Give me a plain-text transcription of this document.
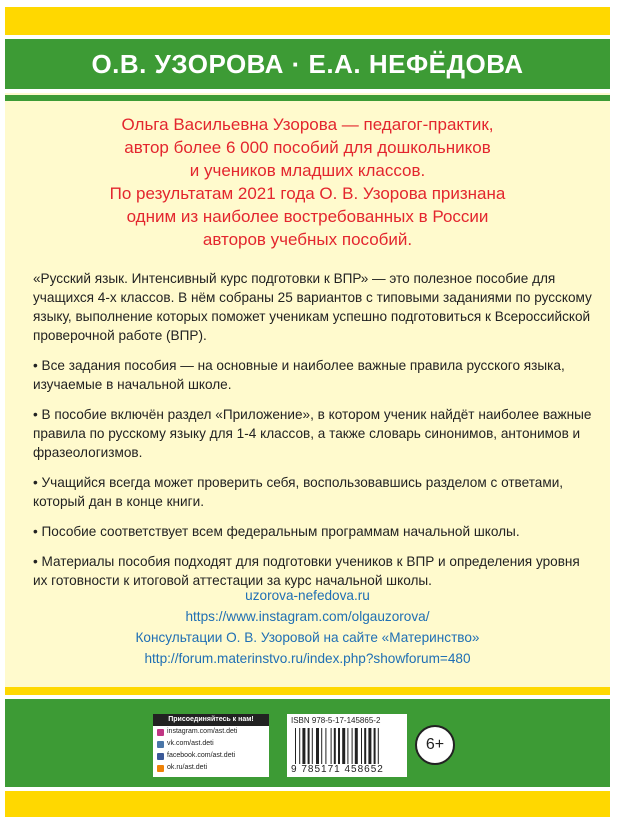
О.В. УЗОРОВА · Е.А. НЕФЁДОВА

Ольга Васильевна Узорова — педагог-практик,

автор более 6 000 пособий для дошкольников

и учеников младших классов.

По результатам 2021 года О. В. Узорова признана

одним из наиболее востребованных в России

авторов учебных пособий.

«Русский язык. Интенсивный курс подготовки к ВПР» — это полезное пособие для учащихся 4-х классов. В нём собраны 25 вариантов с типовыми заданиями по русскому языку, выполнение которых поможет ученикам успешно подготовиться к Всероссийской проверочной работе (ВПР).

• Все задания пособия — на основные и наиболее важные правила русского языка, изучаемые в начальной школе.

• В пособие включён раздел «Приложение», в котором ученик найдёт наиболее важные правила по русскому языку для 1-4 классов, а также словарь синонимов, антонимов и фразеологизмов.

• Учащийся всегда может проверить себя, воспользовавшись разделом с ответами, который дан в конце книги.

• Пособие соответствует всем федеральным программам начальной школы.

• Материалы пособия подходят для подготовки учеников к ВПР и определения уровня их готовности к итоговой аттестации за курс начальной школы.

uzorova-nefedova.ru
https://www.instagram.com/olgauzorova/
Консультации О. В. Узоровой на сайте «Материнство»
http://forum.materinstvo.ru/index.php?showforum=480
Присоединяйтесь к нам!
instagram.com/ast.deti
vk.com/ast.deti
facebook.com/ast.deti
ok.ru/ast.deti
ISBN 978-5-17-145865-2
9 785171 458652
6+
